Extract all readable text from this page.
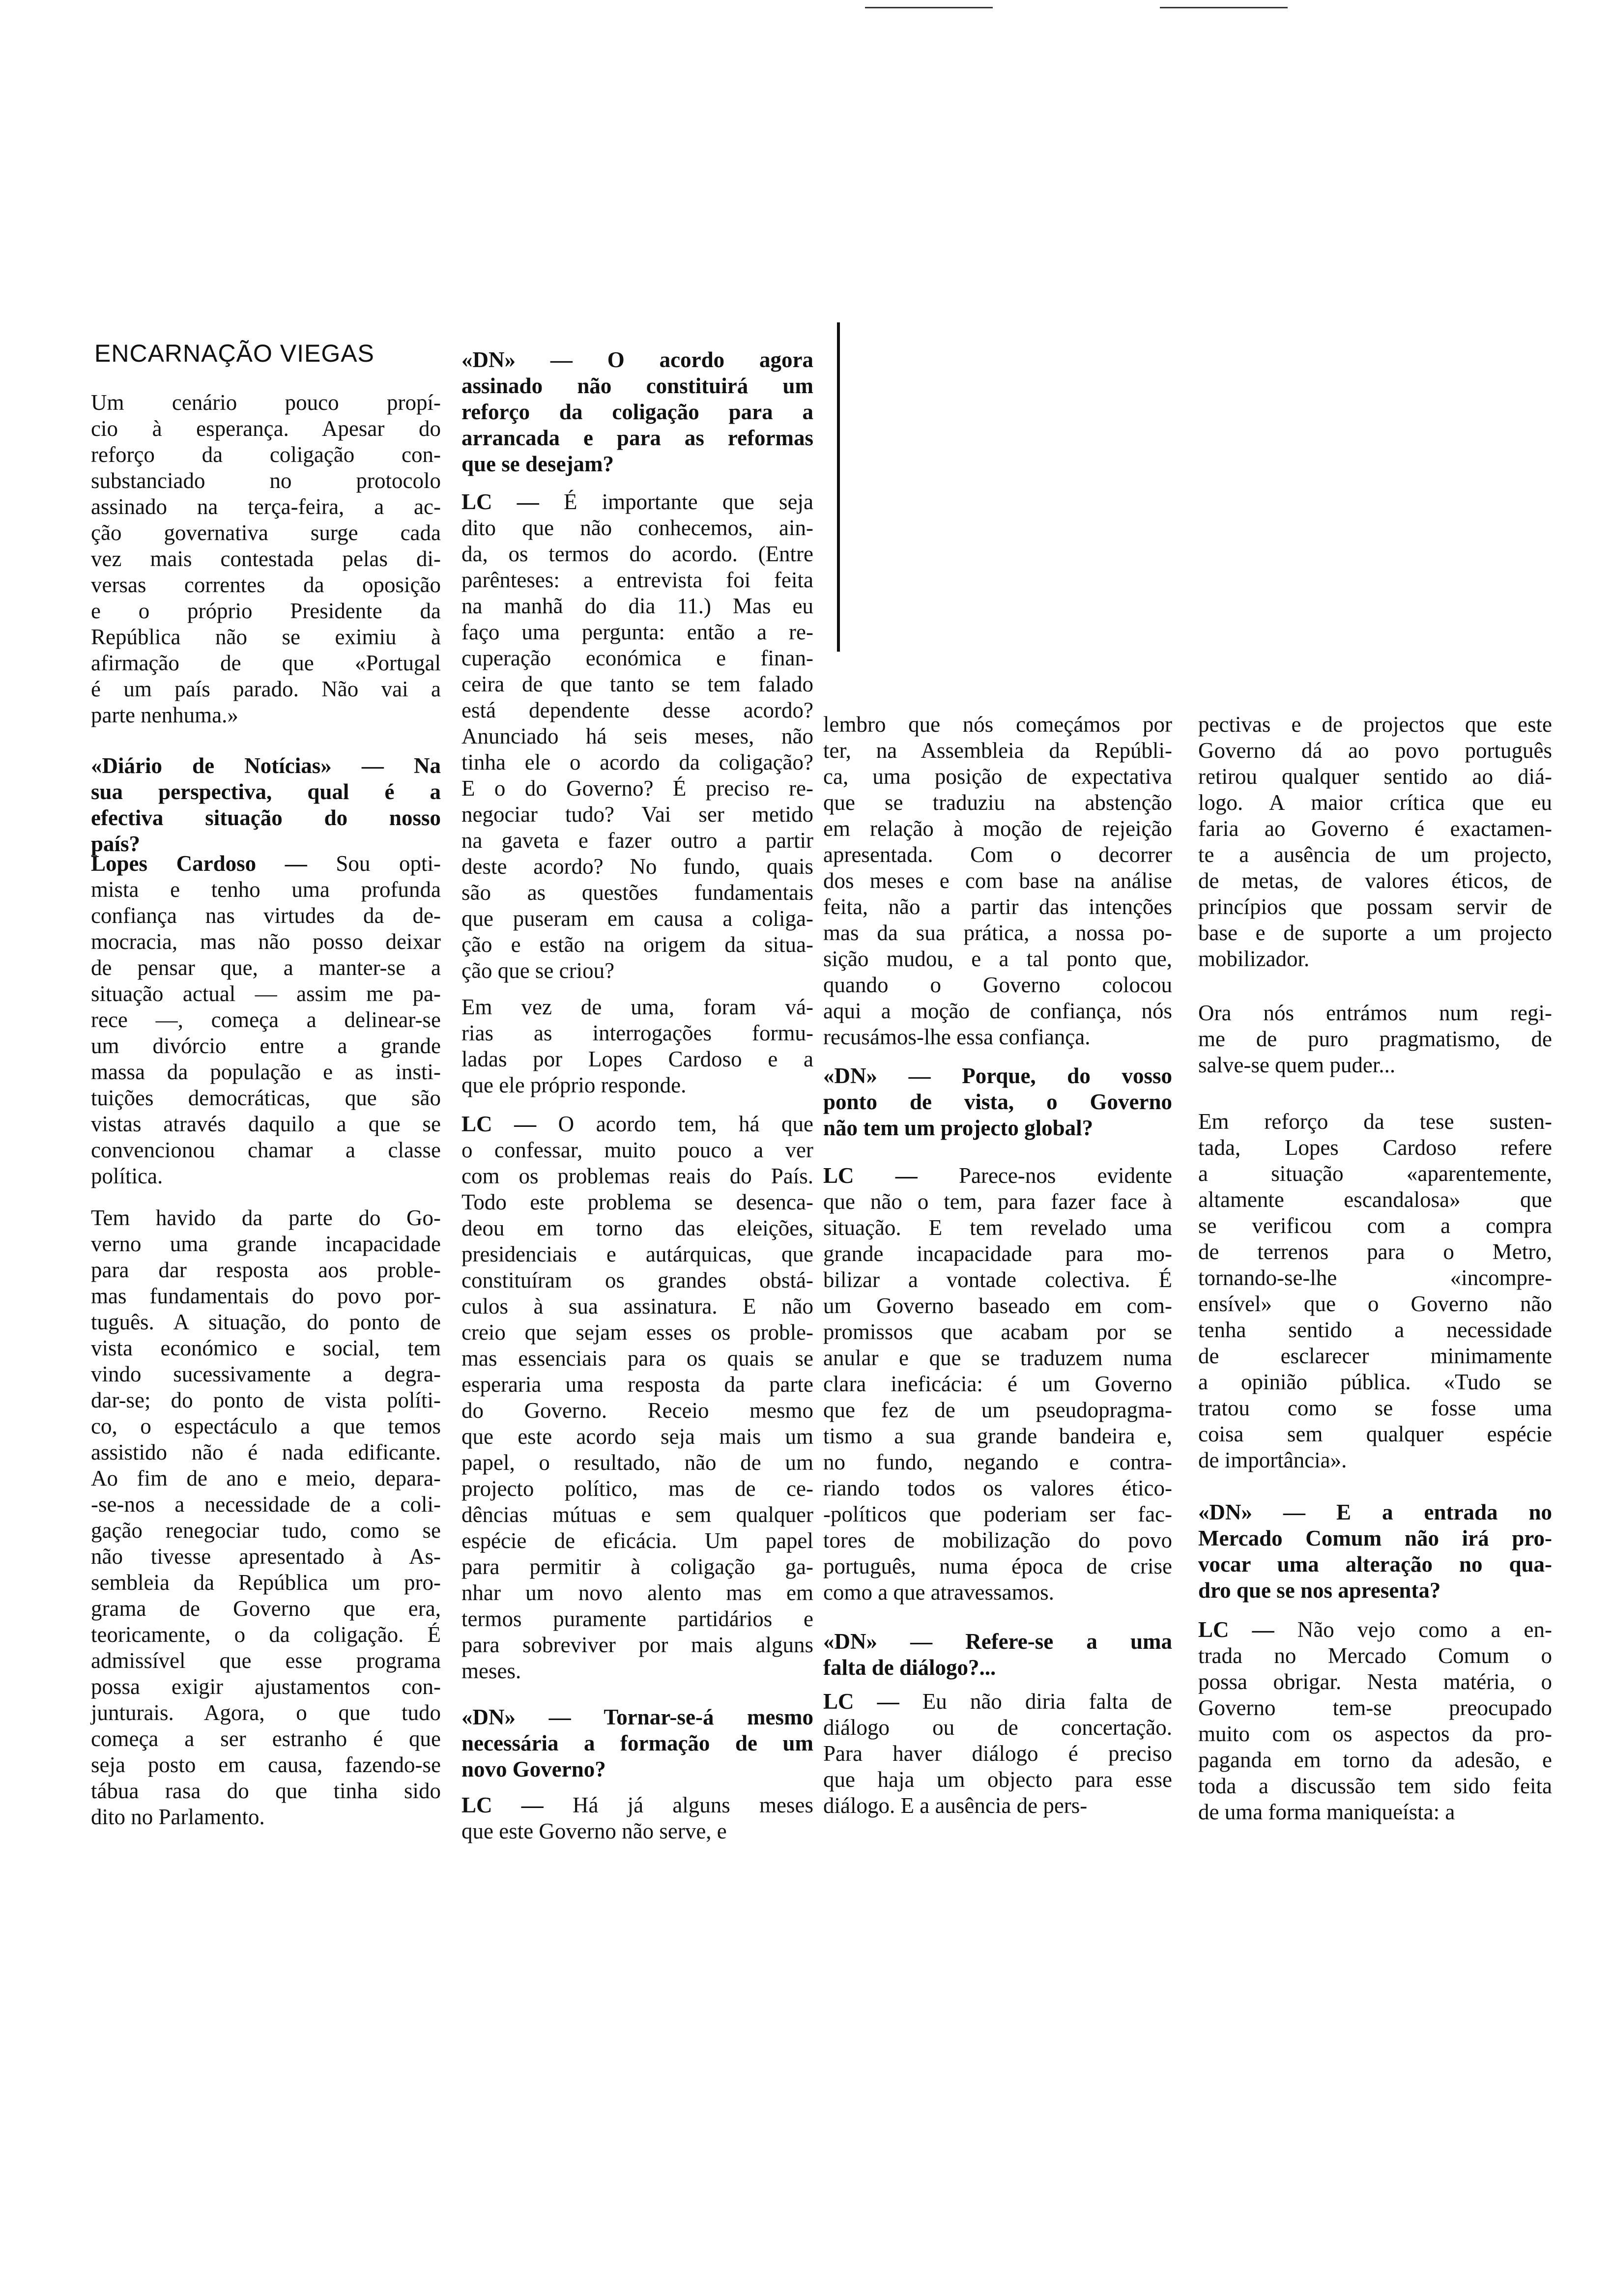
ENCARNAÇÃO VIEGAS
Um cenário pouco propí-
cio à esperança. Apesar do
reforço da coligação con-
substanciado no protocolo
assinado na terça-feira, a ac-
ção governativa surge cada
vez mais contestada pelas di-
versas correntes da oposição
e o próprio Presidente da
República não se eximiu à
afirmação de que «Portugal
é um país parado. Não vai a
parte nenhuma.»
«Diário de Notícias» — Na
sua perspectiva, qual é a
efectiva situação do nosso
país?
Lopes Cardoso — Sou opti-
mista e tenho uma profunda
confiança nas virtudes da de-
mocracia, mas não posso deixar
de pensar que, a manter-se a
situação actual — assim me pa-
rece —, começa a delinear-se
um divórcio entre a grande
massa da população e as insti-
tuições democráticas, que são
vistas através daquilo a que se
convencionou chamar a classe
política.
Tem havido da parte do Go-
verno uma grande incapacidade
para dar resposta aos proble-
mas fundamentais do povo por-
tuguês. A situação, do ponto de
vista económico e social, tem
vindo sucessivamente a degra-
dar-se; do ponto de vista políti-
co, o espectáculo a que temos
assistido não é nada edificante.
Ao fim de ano e meio, depara-
-se-nos a necessidade de a coli-
gação renegociar tudo, como se
não tivesse apresentado à As-
sembleia da República um pro-
grama de Governo que era,
teoricamente, o da coligação. É
admissível que esse programa
possa exigir ajustamentos con-
junturais. Agora, o que tudo
começa a ser estranho é que
seja posto em causa, fazendo-se
tábua rasa do que tinha sido
dito no Parlamento.
«DN» — O acordo agora
assinado não constituirá um
reforço da coligação para a
arrancada e para as reformas
que se desejam?
LC — É importante que seja
dito que não conhecemos, ain-
da, os termos do acordo. (Entre
parênteses: a entrevista foi feita
na manhã do dia 11.) Mas eu
faço uma pergunta: então a re-
cuperação económica e finan-
ceira de que tanto se tem falado
está dependente desse acordo?
Anunciado há seis meses, não
tinha ele o acordo da coligação?
E o do Governo? É preciso re-
negociar tudo? Vai ser metido
na gaveta e fazer outro a partir
deste acordo? No fundo, quais
são as questões fundamentais
que puseram em causa a coliga-
ção e estão na origem da situa-
ção que se criou?
Em vez de uma, foram vá-
rias as interrogações formu-
ladas por Lopes Cardoso e a
que ele próprio responde.
LC — O acordo tem, há que
o confessar, muito pouco a ver
com os problemas reais do País.
Todo este problema se desenca-
deou em torno das eleições,
presidenciais e autárquicas, que
constituíram os grandes obstá-
culos à sua assinatura. E não
creio que sejam esses os proble-
mas essenciais para os quais se
esperaria uma resposta da parte
do Governo. Receio mesmo
que este acordo seja mais um
papel, o resultado, não de um
projecto político, mas de ce-
dências mútuas e sem qualquer
espécie de eficácia. Um papel
para permitir à coligação ga-
nhar um novo alento mas em
termos puramente partidários e
para sobreviver por mais alguns
meses.
«DN» — Tornar-se-á mesmo
necessária a formação de um
novo Governo?
LC — Há já alguns meses
que este Governo não serve, e
lembro que nós começámos por
ter, na Assembleia da Repúbli-
ca, uma posição de expectativa
que se traduziu na abstenção
em relação à moção de rejeição
apresentada. Com o decorrer
dos meses e com base na análise
feita, não a partir das intenções
mas da sua prática, a nossa po-
sição mudou, e a tal ponto que,
quando o Governo colocou
aqui a moção de confiança, nós
recusámos-lhe essa confiança.
«DN» — Porque, do vosso
ponto de vista, o Governo
não tem um projecto global?
LC — Parece-nos evidente
que não o tem, para fazer face à
situação. E tem revelado uma
grande incapacidade para mo-
bilizar a vontade colectiva. É
um Governo baseado em com-
promissos que acabam por se
anular e que se traduzem numa
clara ineficácia: é um Governo
que fez de um pseudopragma-
tismo a sua grande bandeira e,
no fundo, negando e contra-
riando todos os valores ético-
-políticos que poderiam ser fac-
tores de mobilização do povo
português, numa época de crise
como a que atravessamos.
«DN» — Refere-se a uma
falta de diálogo?...
LC — Eu não diria falta de
diálogo ou de concertação.
Para haver diálogo é preciso
que haja um objecto para esse
diálogo. E a ausência de pers-
pectivas e de projectos que este
Governo dá ao povo português
retirou qualquer sentido ao diá-
logo. A maior crítica que eu
faria ao Governo é exactamen-
te a ausência de um projecto,
de metas, de valores éticos, de
princípios que possam servir de
base e de suporte a um projecto
mobilizador.
Ora nós entrámos num regi-
me de puro pragmatismo, de
salve-se quem puder...
Em reforço da tese susten-
tada, Lopes Cardoso refere
a situação «aparentemente,
altamente escandalosa» que
se verificou com a compra
de terrenos para o Metro,
tornando-se-lhe «incompre-
ensível» que o Governo não
tenha sentido a necessidade
de esclarecer minimamente
a opinião pública. «Tudo se
tratou como se fosse uma
coisa sem qualquer espécie
de importância».
«DN» — E a entrada no
Mercado Comum não irá pro-
vocar uma alteração no qua-
dro que se nos apresenta?
LC — Não vejo como a en-
trada no Mercado Comum o
possa obrigar. Nesta matéria, o
Governo tem-se preocupado
muito com os aspectos da pro-
paganda em torno da adesão, e
toda a discussão tem sido feita
de uma forma maniqueísta: a
